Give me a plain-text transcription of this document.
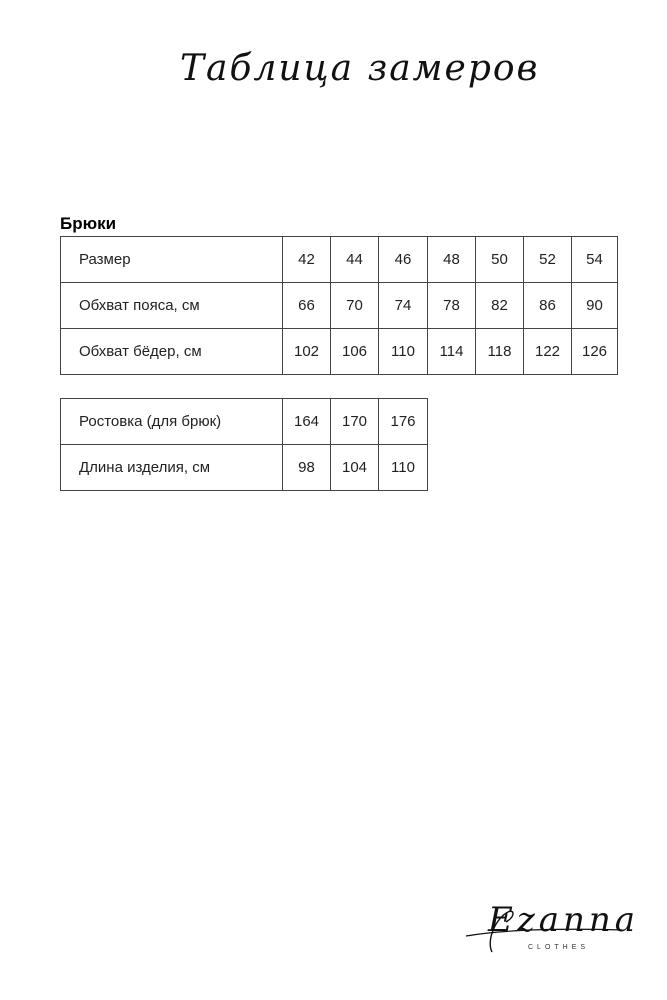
Таблица замеров
Брюки
Размер	42	44	46	48	50	52	54
Обхват пояса, см	66	70	74	78	82	86	90
Обхват бёдер, см	102	106	110	114	118	122	126
Ростовка (для брюк)	164	170	176
Длина изделия, см	98	104	110
Ezanna
CLOTHES
